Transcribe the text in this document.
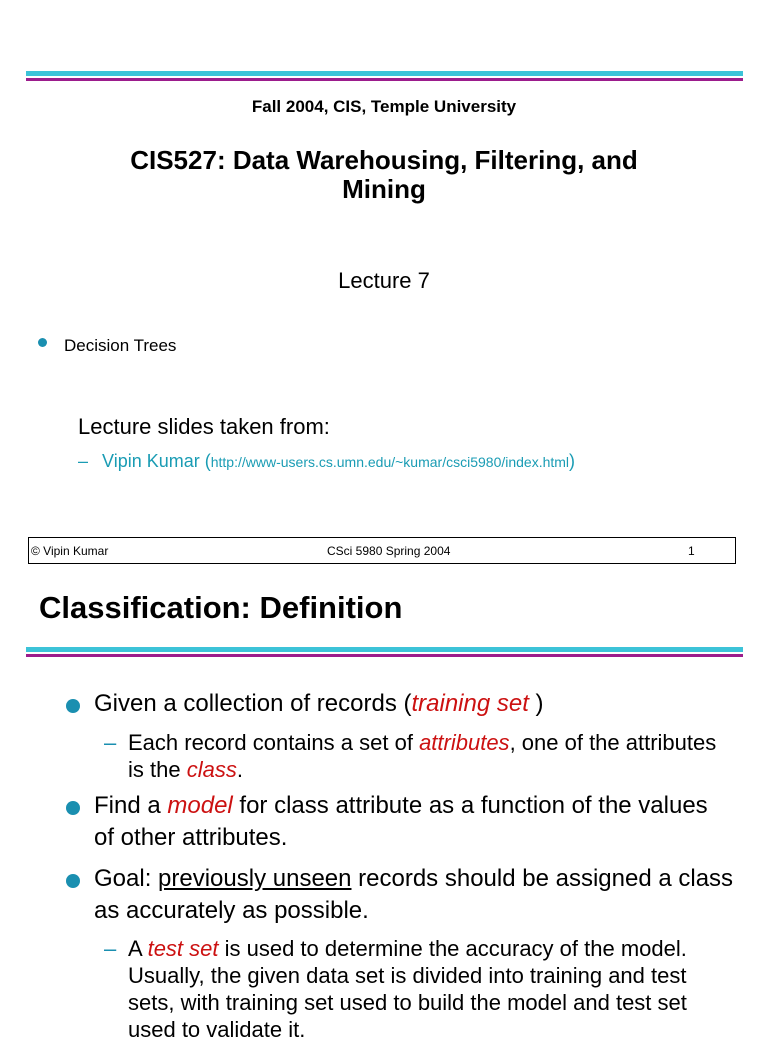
Fall 2004, CIS, Temple University
CIS527: Data Warehousing, Filtering, and
Mining
Lecture 7
Decision Trees
Lecture slides taken from:
– Vipin Kumar (http://www-users.cs.umn.edu/~kumar/csci5980/index.html)
© Vipin Kumar	CSci 5980 Spring 2004	1
Classification: Definition
Given a collection of records (training set )
– Each record contains a set of attributes, one of the attributes is the class.
Find a model for class attribute as a function of the values of other attributes.
Goal: previously unseen records should be assigned a class as accurately as possible.
– A test set is used to determine the accuracy of the model. Usually, the given data set is divided into training and test sets, with training set used to build the model and test set used to validate it.
